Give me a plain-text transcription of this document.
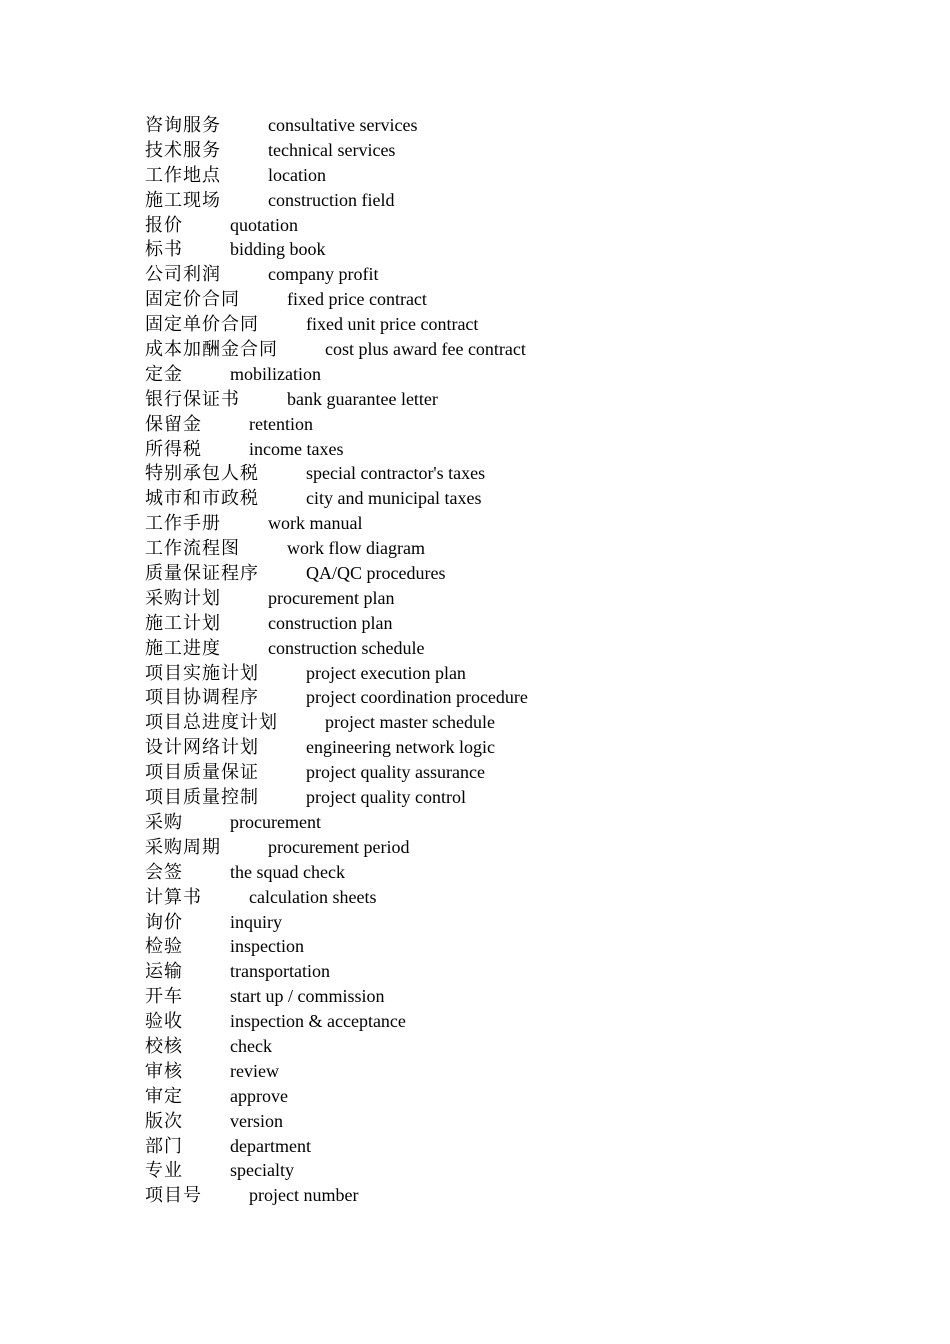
咨询服务	consultative services
技术服务	technical services
工作地点	location
施工现场	construction field
报价	quotation
标书	bidding book
公司利润	company profit
固定价合同	fixed price contract
固定单价合同	fixed unit price contract
成本加酬金合同	cost plus award fee contract
定金	mobilization
银行保证书	bank guarantee letter
保留金	retention
所得税	income taxes
特别承包人税	special contractor's taxes
城市和市政税	city and municipal taxes
工作手册	work manual
工作流程图	work flow diagram
质量保证程序	QA/QC procedures
采购计划	procurement plan
施工计划	construction plan
施工进度	construction schedule
项目实施计划	project execution plan
项目协调程序	project coordination procedure
项目总进度计划	project master schedule
设计网络计划	engineering network logic
项目质量保证	project quality assurance
项目质量控制	project quality control
采购	procurement
采购周期	procurement period
会签	the squad check
计算书	calculation sheets
询价	inquiry
检验	inspection
运输	transportation
开车	start up / commission
验收	inspection & acceptance
校核	check
审核	review
审定	approve
版次	version
部门	department
专业	specialty
项目号	project number
